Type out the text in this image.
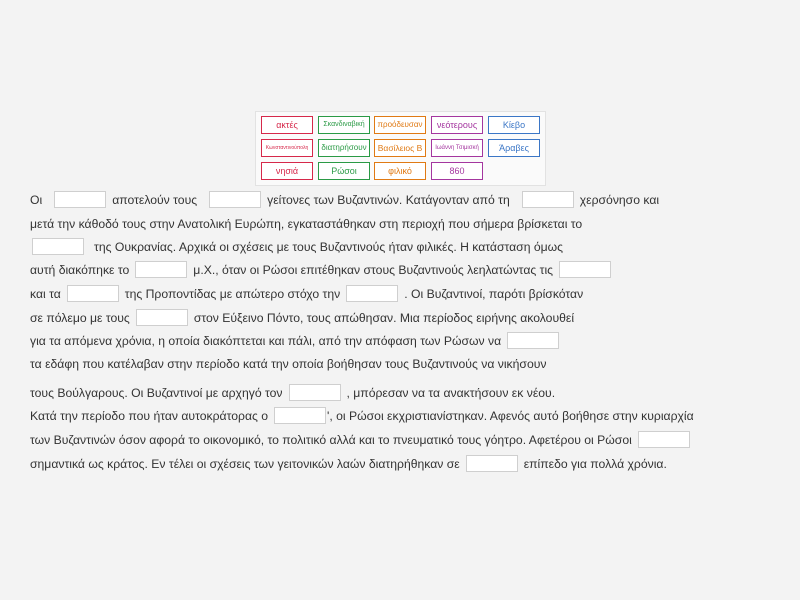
ακτές	Σκανδιναβική	προόδευσαν	νεότερους	Κίεβο
Κωνσταντινούπολη	διατηρήσουν	Βασίλειος Β	Ιωάννη Τσιμισκή	Άραβες
νησιά	Ρώσοι	φιλικό	860
Οι	αποτελούν τους	γείτονες των Βυζαντινών. Κατάγονταν από τη	χερσόνησο και
μετά την κάθοδό τους στην Ανατολική Ευρώπη, εγκαταστάθηκαν στη περιοχή που σήμερα βρίσκεται το
της Ουκρανίας. Αρχικά οι σχέσεις με τους Βυζαντινούς ήταν φιλικές. Η κατάσταση όμως
αυτή διακόπηκε το	μ.Χ., όταν οι Ρώσοι επιτέθηκαν στους Βυζαντινούς λεηλατώντας τις
και τα	της Προποντίδας με απώτερο στόχο την	. Οι Βυζαντινοί, παρότι βρίσκόταν
σε πόλεμο με τους	στον Εύξεινο Πόντο, τους απώθησαν. Μια περίοδος ειρήνης ακολουθεί
για τα απόμενα χρόνια, η οποία διακόπτεται και πάλι, από την απόφαση των Ρώσων να
τα εδάφη που κατέλαβαν στην περίοδο κατά την οποία βοήθησαν τους Βυζαντινούς να νικήσουν
τους Βούλγαρους. Οι Βυζαντινοί με αρχηγό τον	, μπόρεσαν να τα ανακτήσουν εκ νέου.
Κατά την περίοδο που ήταν αυτοκράτορας ο	', οι Ρώσοι εκχριστιανίστηκαν. Αφενός αυτό βοήθησε στην κυριαρχία
των Βυζαντινών όσον αφορά το οικονομικό, το πολιτικό αλλά και το πνευματικό τους γόητρο. Αφετέρου οι Ρώσοι
σημαντικά ως κράτος. Εν τέλει οι σχέσεις των γειτονικών λαών διατηρήθηκαν σε	επίπεδο για πολλά χρόνια.
